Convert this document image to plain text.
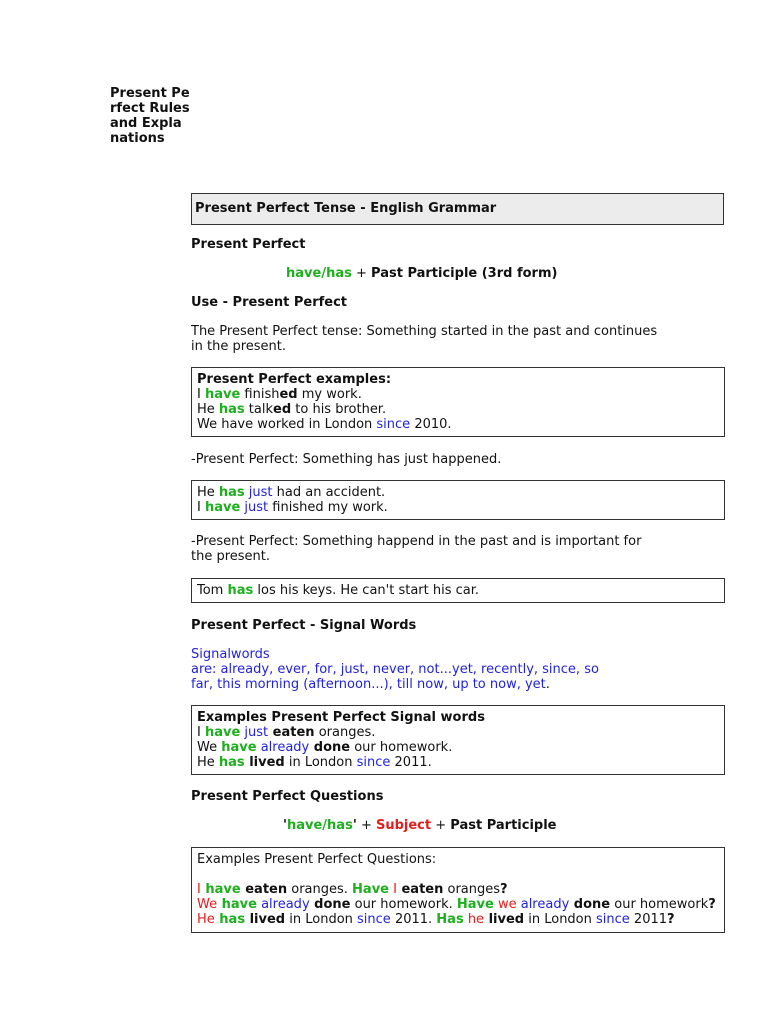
Present Perfect Rules and Explanations
Present Perfect Tense - English Grammar
Present Perfect
have/has + Past Participle (3rd form)
Use - Present Perfect
The Present Perfect tense: Something started in the past and continues
in the present.
Present Perfect examples:
I have finished my work.
He has talked to his brother.
We have worked in London since 2010.
-Present Perfect: Something has just happened.
He has just had an accident.
I have just finished my work.
-Present Perfect: Something happend in the past and is important for
the present.
Tom has los his keys. He can't start his car.
Present Perfect - Signal Words
Signalwords
are: already, ever, for, just, never, not...yet, recently, since, so
far, this morning (afternoon...), till now, up to now, yet.
Examples Present Perfect Signal words
I have just eaten oranges.
We have already done our homework.
He has lived in London since 2011.
Present Perfect Questions
'have/has' + Subject + Past Participle
Examples Present Perfect Questions:
I have eaten oranges. Have I eaten oranges?
We have already done our homework. Have we already done our homework?
He has lived in London since 2011. Has he lived in London since 2011?
